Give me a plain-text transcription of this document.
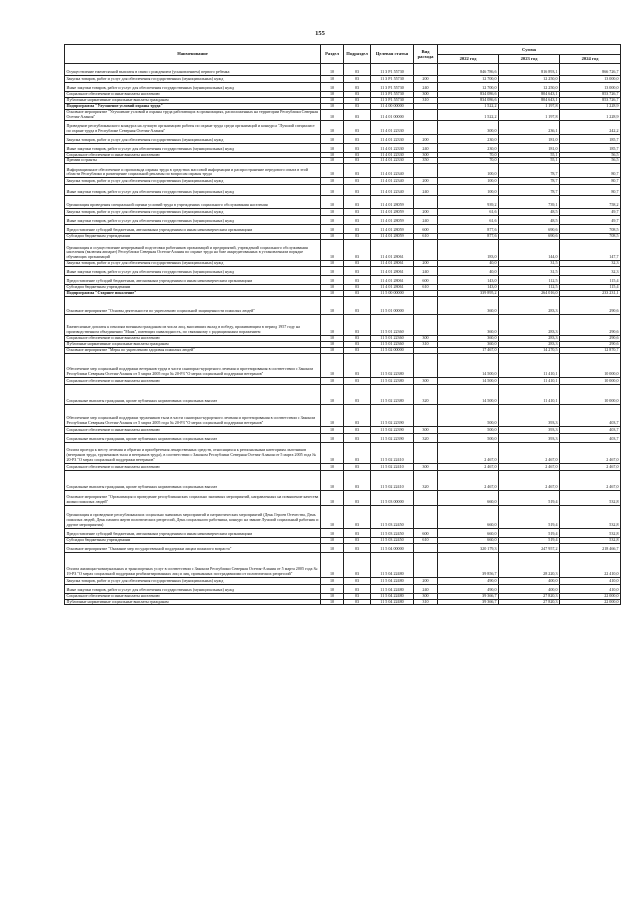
155
Наименование	Раздел	Подраздел	Целевая статья	Вид расхода	Сумма		
					2022 год	2023 год	2024 год
Осуществление ежемесячной выплаты в связи с рождением (усыновлением) первого ребенка	10	03	11 3 P1 55730		846 786,6	816 893,1	866 726,7
Закупка товаров, работ и услуг для обеспечения государственных (муниципальных) нужд	10	03	11 3 P1 55730	200	12 700,0	12 250,0	13 000,0
Иные закупки товаров, работ и услуг для обеспечения государственных (муниципальных) нужд	10	03	11 3 P1 55730	240	12 700,0	12 250,0	13 000,0
Социальное обеспечение и иные выплаты населению	10	03	11 3 P1 55730	300	834 086,6	804 643,1	853 726,7
Публичные нормативные социальные выплаты гражданам	10	03	11 3 P1 55730	310	834 086,6	804 643,1	853 726,7
Подпрограмма "Улучшение условий охраны труда"	10	03	11 4 00 00000		1 522,2	1 197,8	1 228,9
Основное мероприятие "Улучшение условий и охраны труда работающих в организациях, расположенных на территории Республики Северная Осетия-Алания"	10	03	11 4 01 00000		1 522,2	1 197,8	1 228,9
Проведение республиканского конкурса на лучшую организацию работы по охране труда среди организаций и конкурса "Лучший специалист по охране труда в Республике Северная Осетия-Алания"	10	03	11 4 01 22330		300,0	236,1	242,2
Закупка товаров, работ и услуг для обеспечения государственных (муниципальных) нужд	10	03	11 4 01 22330	200	230,0	181,0	185,7
Иные закупки товаров, работ и услуг для обеспечения государственных (муниципальных) нужд	10	03	11 4 01 22330	240	230,0	181,0	185,7
Социальное обеспечение и иные выплаты населению	10	03	11 4 01 22330	300	70,0	55,1	56,5
Премии и гранты	10	03	11 4 01 22330	350	70,0	55,1	56,5
Информационное обеспечение и пропаганда охраны труда в средствах массовой информации и распространение передового опыта в этой области Республики и размещение социальной рекламы по вопросам охраны труда	10	03	11 4 01 22340		100,0	78,7	80,7
Закупка товаров, работ и услуг для обеспечения государственных (муниципальных) нужд	10	03	11 4 01 22340	200	100,0	78,7	80,7
Иные закупки товаров, работ и услуг для обеспечения государственных (муниципальных) нужд	10	03	11 4 01 22340	240	100,0	78,7	80,7
Организация проведения специальной оценки условий труда в учреждениях социального обслуживания населения	10	03	11 4 01 28059		939,2	739,1	758,2
Закупка товаров, работ и услуг для обеспечения государственных (муниципальных) нужд	10	03	11 4 01 28059	200	61,6	48,5	49,7
Иные закупки товаров, работ и услуг для обеспечения государственных (муниципальных) нужд	10	03	11 4 01 28059	240	61,6	48,5	49,7
Предоставление субсидий бюджетным, автономным учреждениям и иным некоммерческим организациям	10	03	11 4 01 28059	600	877,6	690,6	708,5
Субсидии бюджетным учреждениям	10	03	11 4 01 28059	610	877,6	690,6	708,5
Организация и осуществление непрерывной подготовки работников организаций и предприятий, учреждений социального обслуживания населения (включая аппарат) Республики Северная Осетия-Алания по охране труда на базе аккредитованных в установленном порядке обучающих организаций	10	03	11 4 01 28061		183,0	144,0	147,7
Закупка товаров, работ и услуг для обеспечения государственных (муниципальных) нужд	10	03	11 4 01 28061	200	40,0	31,5	32,3
Иные закупки товаров, работ и услуг для обеспечения государственных (муниципальных) нужд	10	03	11 4 01 28061	240	40,0	31,5	32,3
Предоставление субсидий бюджетным, автономным учреждениям и иным некоммерческим организациям	10	03	11 4 01 28061	600	143,0	112,5	115,4
Субсидии бюджетным учреждениям	10	03	11 4 01 28061	610	143,0	112,5	115,4
Подпрограмма "Старшее поколение"	10	03	11 5 00 00000		339 895,2	264 016,0	233 231,1
Основное мероприятие "Основы деятельности по укреплению социальной защищенности пожилых людей"	10	03	11 5 01 00000		360,0	283,3	290,6
Ежемесячные доплаты к пенсиям военным гражданам из числа лиц, вносивших вклад в победу, проживающим в период 1957 году на производственном объединении "Маяк", имеющих инвалидность, по связанному с радиационным поражением	10	03	11 5 01 22360		360,0	283,3	290,6
Социальное обеспечение и иные выплаты населению	10	03	11 5 01 22360	300	360,0	283,3	290,6
Публичные нормативные социальные выплаты гражданам	10	03	11 5 01 22360	310	360,0	283,3	290,6
Основное мероприятие "Меры по укреплению здоровья пожилых людей"	10	03	11 5 02 00000		17 467,0	14 270,5	12 870,7
Обеспечение мер социальной поддержки ветеранов труда в части санаторно-курортного лечения и протезирования в соответствии с Законом Республики Северная Осетия-Алания от 5 марта 2005 года № 20-РЗ "О мерах социальной поддержки ветеранов"	10	03	11 5 02 22380		14 500,0	11 410,1	10 000,0
Социальное обеспечение и иные выплаты населению	10	03	11 5 02 22380	300	14 500,0	11 410,1	10 000,0
Социальные выплаты гражданам, кроме публичных нормативных социальных выплат	10	03	11 5 02 22380	320	14 500,0	11 410,1	10 000,0
Обеспечение мер социальной поддержки тружеников тыла в части санаторно-курортного лечения и протезирования в соответствии с Законом Республики Северная Осетия-Алания от 5 марта 2005 года № 20-РЗ "О мерах социальной поддержки ветеранов"	10	03	11 5 02 22390		500,0	393,3	403,7
Социальное обеспечение и иные выплаты населению	10	03	11 5 02 22390	300	500,0	393,3	403,7
Социальные выплаты гражданам, кроме публичных нормативных социальных выплат	10	03	11 5 02 22390	320	500,0	393,3	403,7
Оплата проезда к месту лечения и обратно и приобретения лекарственных средств, относящихся к региональным категориям льготников (ветеранов труда, тружеников тыла и ветеранов труда), в соответствии с Законом Республики Северная Осетия-Алания от 5 марта 2005 года № 20-РЗ "О мерах социальной поддержки ветеранов"	10	03	11 5 02 22410		2 467,0	2 467,0	2 467,0
Социальное обеспечение и иные выплаты населению	10	03	11 5 02 22410	300	2 467,0	2 467,0	2 467,0
Социальные выплаты гражданам, кроме публичных нормативных социальных выплат	10	03	11 5 02 22410	320	2 467,0	2 467,0	2 467,0
Основное мероприятие "Организация и проведение республиканских социально значимых мероприятий, направленных на повышение качества жизни пожилых людей"	10	03	11 5 03 00000		660,0	519,4	532,8
Организация и проведение республиканских социально значимых мероприятий и патриотических мероприятий (День Героев Отечества, День пожилых людей, День памяти жертв политических репрессий, День социального работника, конкурс на звание Лучший социальный работник и другие мероприятия)	10	03	11 5 03 22450		660,0	519,4	532,8
Предоставление субсидий бюджетным, автономным учреждениям и иным некоммерческим организациям	10	03	11 5 03 22450	600	660,0	519,4	532,8
Субсидии бюджетным учреждениям	10	03	11 5 03 22450	610	660,0	519,4	532,8
Основное мероприятие "Оказание мер государственной поддержки лицам пожилого возраста"	10	03	11 5 04 00000		320 179,3	247 957,2	218 466,7
Оплата жилищно-коммунальных и транспортных услуг в соответствии с Законом Республики Северная Осетия-Алания от 5 марта 2005 года № 19-РЗ "О мерах социальной поддержки реабилитированных лиц и лиц, признанных пострадавшими от политических репрессий"	10	03	11 5 04 22480		39 856,7	28 220,3	22 410,0
Закупка товаров, работ и услуг для обеспечения государственных (муниципальных) нужд	10	03	11 5 04 22480	200	490,0	400,0	410,0
Иные закупки товаров, работ и услуг для обеспечения государственных (муниципальных) нужд	10	03	11 5 04 22480	240	490,0	400,0	410,0
Социальное обеспечение и иные выплаты населению	10	03	11 5 04 22480	300	39 366,7	27 820,3	22 000,0
Публичные нормативные социальные выплаты гражданам	10	03	11 5 04 22480	310	39 366,7	27 820,3	22 000,0
